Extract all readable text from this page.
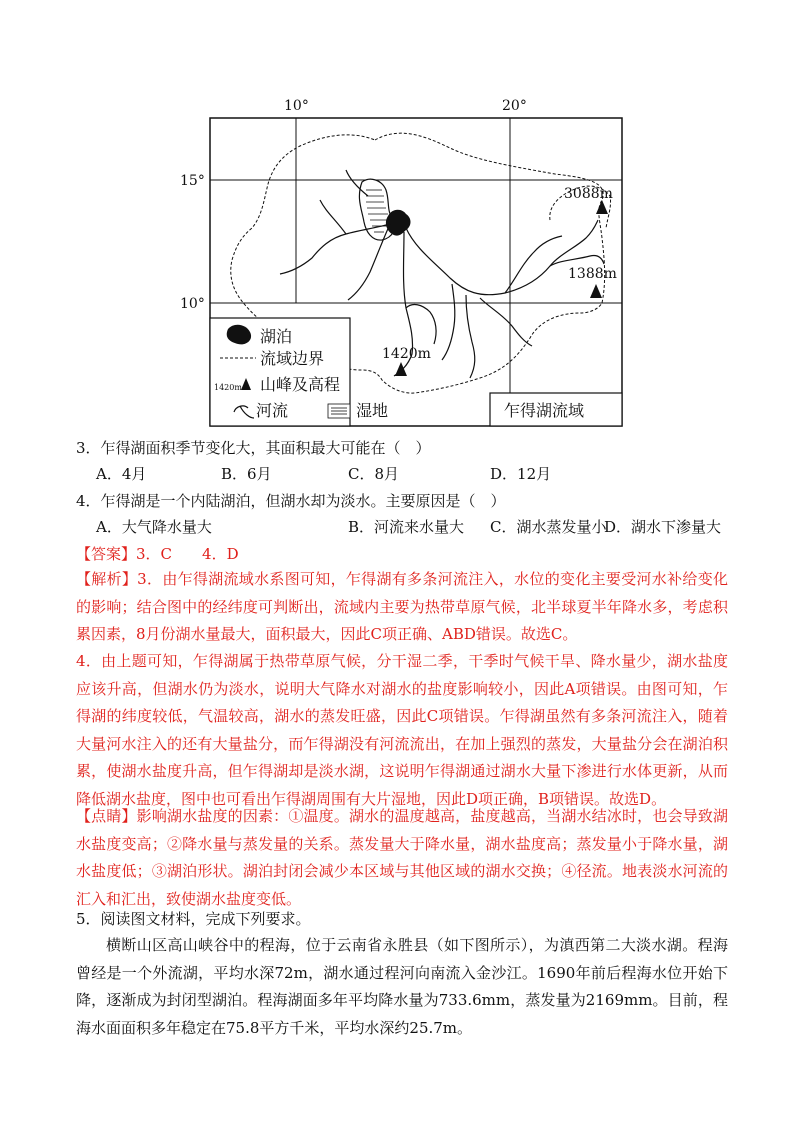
10°	20°
15°
10°
3088m
1388m
1420m
湖泊
流域边界
1420m 山峰及高程
河流	湿地	乍得湖流域
3．乍得湖面积季节变化大，其面积最大可能在（　）
A．4月	B．6月	C．8月	D．12月
4．乍得湖是一个内陆湖泊，但湖水却为淡水。主要原因是（　）
A．大气降水量大	B．河流来水量大 C．湖水蒸发量小
D．湖水下渗量大
【答案】3．C　　4．D

【解析】3．由乍得湖流域水系图可知，乍得湖有多条河流注入，水位的变化主要受河水补给变化的影响；结合图中的经纬度可判断出，流域内主要为热带草原气候，北半球夏半年降水多，考虑积累因素，8月份湖水量最大，面积最大，因此C项正确、ABD错误。故选C。

4．由上题可知，乍得湖属于热带草原气候，分干湿二季，干季时气候干旱、降水量少，湖水盐度应该升高，但湖水仍为淡水，说明大气降水对湖水的盐度影响较小，因此A项错误。由图可知，乍得湖的纬度较低，气温较高，湖水的蒸发旺盛，因此C项错误。乍得湖虽然有多条河流注入，随着大量河水注入的还有大量盐分，而乍得湖没有河流流出，在加上强烈的蒸发，大量盐分会在湖泊积累，使湖水盐度升高，但乍得湖却是淡水湖，这说明乍得湖通过湖水大量下渗进行水体更新，从而降低湖水盐度，图中也可看出乍得湖周围有大片湿地，因此D项正确，B项错误。故选D。

【点睛】影响湖水盐度的因素：①温度。湖水的温度越高，盐度越高，当湖水结冰时，也会导致湖水盐度变高；②降水量与蒸发量的关系。蒸发量大于降水量，湖水盐度高；蒸发量小于降水量，湖水盐度低；③湖泊形状。湖泊封闭会减少本区域与其他区域的湖水交换；④径流。地表淡水河流的汇入和汇出，致使湖水盐度变低。

5．阅读图文材料，完成下列要求。

横断山区高山峡谷中的程海，位于云南省永胜县（如下图所示），为滇西第二大淡水湖。程海曾经是一个外流湖，平均水深72m，湖水通过程河向南流入金沙江。1690年前后程海水位开始下降，逐渐成为封闭型湖泊。程海湖面多年平均降水量为733.6mm，蒸发量为2169mm。目前，程海水面面积多年稳定在75.8平方千米，平均水深约25.7m。
